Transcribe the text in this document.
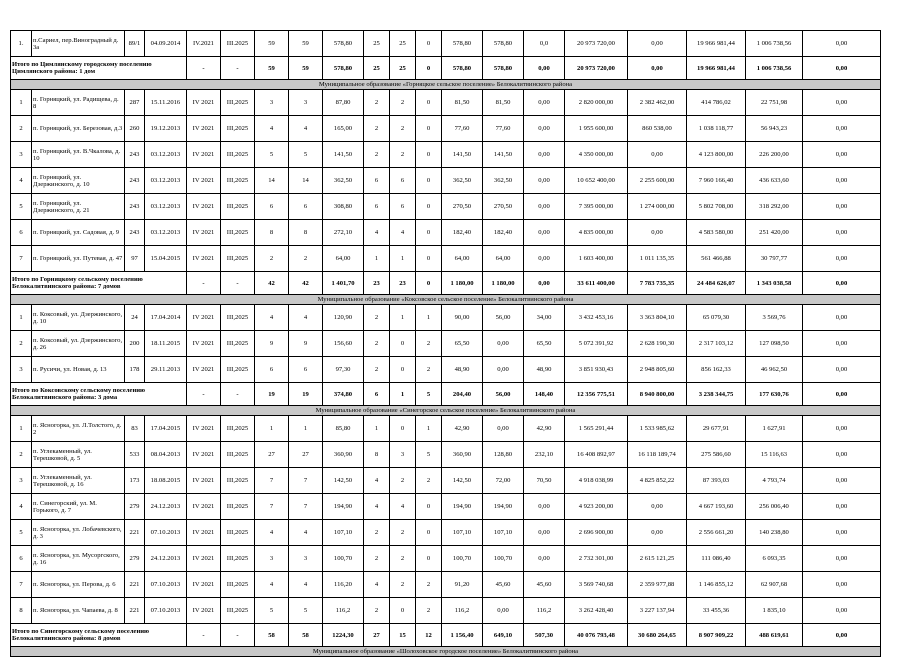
1.	п.Сариел, пер.Виноградный д. 3а	89/1	04.09.2014	IV.2021	III.2025	59	59	578,80	25	25	0	578,80	578,80	0,0	20 973 720,00	0,00	19 966 981,44	1 006 738,56	0,00
Итого по Цимлянскому городскому поселению Цимлянского района: 1 дом				-	-	59	59	578,80	25	25	0	578,80	578,80	0,00	20 973 720,00	0,00	19 966 981,44	1 006 738,56	0,00
Муниципальное образование «Горняцкое сельское поселение» Белокалитвинского района																			
1	п. Горняцкий, ул. Радищева, д. 8	287	15.11.2016	IV 2021	III,2025	3	3	87,80	2	2	0	81,50	81,50	0,00	2 820 000,00	2 382 462,00	414 786,02	22 751,98	0,00
2	п. Горняцкий, ул. Березовая, д.3	260	19.12.2013	IV 2021	III,2025	4	4	165,00	2	2	0	77,60	77,60	0,00	1 955 600,00	860 538,00	1 038 118,77	56 943,23	0,00
3	п. Горняцкий, ул. В.Чкалова, д. 10	243	03.12.2013	IV 2021	III,2025	5	5	141,50	2	2	0	141,50	141,50	0,00	4 350 000,00	0,00	4 123 800,00	226 200,00	0,00
4	п. Горняцкий, ул. Дзержинского, д. 10	243	03.12.2013	IV 2021	III,2025	14	14	362,50	6	6	0	362,50	362,50	0,00	10 652 400,00	2 255 600,00	7 960 166,40	436 633,60	0,00
5	п. Горняцкий, ул. Дзержинского, д. 21	243	03.12.2013	IV 2021	III,2025	6	6	308,80	6	6	0	270,50	270,50	0,00	7 395 000,00	1 274 000,00	5 802 708,00	318 292,00	0,00
6	п. Горняцкий, ул. Садовая, д. 9	243	03.12.2013	IV 2021	III,2025	8	8	272,10	4	4	0	182,40	182,40	0,00	4 835 000,00	0,00	4 583 580,00	251 420,00	0,00
7	п. Горняцкий, ул. Путевая, д. 47	97	15.04.2015	IV 2021	III,2025	2	2	64,00	1	1	0	64,00	64,00	0,00	1 603 400,00	1 011 135,35	561 466,88	30 797,77	0,00
Итого по Горняцкому сельскому поселению Белокалитвинского района: 7 домов				-	-	42	42	1 401,70	23	23	0	1 180,00	1 180,00	0,00	33 611 400,00	7 783 735,35	24 484 626,07	1 343 038,58	0,00
Муниципальное образование «Коксовское сельское поселение» Белокалитвинского района																			
1	п. Коксовый, ул. Дзержинского, д. 10	24	17.04.2014	IV 2021	III,2025	4	4	120,90	2	1	1	90,00	56,00	34,00	3 432 453,16	3 363 804,10	65 079,30	3 569,76	0,00
2	п. Коксовый, ул. Дзержинского, д. 26	200	18.11.2015	IV 2021	III,2025	9	9	156,60	2	0	2	65,50	0,00	65,50	5 072 391,92	2 628 190,30	2 317 103,12	127 098,50	0,00
3	п. Русичи, ул. Новая, д. 13	178	29.11.2013	IV 2021	III,2025	6	6	97,30	2	0	2	48,90	0,00	48,90	3 851 930,43	2 948 805,60	856 162,33	46 962,50	0,00
Итого по Коксовскому сельскому поселению Белокалитвинского района: 3 дома				-	-	19	19	374,80	6	1	5	204,40	56,00	148,40	12 356 775,51	8 940 800,00	3 238 344,75	177 630,76	0,00
Муниципальное образование «Синегорское сельское поселение» Белокалитвинского района																			
1	п. Ясногорка, ул. Л.Толстого, д. 2	83	17.04.2015	IV 2021	III,2025	1	1	85,80	1	0	1	42,90	0,00	42,90	1 565 291,44	1 533 985,62	29 677,91	1 627,91	0,00
2	п. Углекаменный, ул. Терешковой, д. 5	533	08.04.2013	IV 2021	III,2025	27	27	360,90	8	3	5	360,90	128,80	232,10	16 408 892,97	16 118 189,74	275 586,60	15 116,63	0,00
3	п. Углекаменный, ул. Терешковой, д. 16	173	18.08.2015	IV 2021	III,2025	7	7	142,50	4	2	2	142,50	72,00	70,50	4 918 038,99	4 825 852,22	87 393,03	4 793,74	0,00
4	п. Синегорский, ул. М. Горького, д. 7	279	24.12.2013	IV 2021	III,2025	7	7	194,90	4	4	0	194,90	194,90	0,00	4 923 200,00	0,00	4 667 193,60	256 006,40	0,00
5	п. Ясногорка, ул. Лобачевского, д. 3	221	07.10.2013	IV 2021	III,2025	4	4	107,10	2	2	0	107,10	107,10	0,00	2 696 900,00	0,00	2 556 661,20	140 238,80	0,00
6	п. Ясногорка, ул. Мусоргского, д. 16	279	24.12.2013	IV 2021	III,2025	3	3	100,70	2	2	0	100,70	100,70	0,00	2 732 301,00	2 615 121,25	111 086,40	6 093,35	0,00
7	п. Ясногорка, ул. Перова, д. 6	221	07.10.2013	IV 2021	III,2025	4	4	116,20	4	2	2	91,20	45,60	45,60	3 569 740,68	2 359 977,88	1 146 855,12	62 907,68	0,00
8	п. Ясногорка, ул. Чапаева, д. 8	221	07.10.2013	IV 2021	III,2025	5	5	116,2	2	0	2	116,2	0,00	116,2	3 262 428,40	3 227 137,94	33 455,36	1 835,10	0,00
Итого по Синегорскому сельскому поселению Белокалитвинского района: 8 домов				-	-	58	58	1224,30	27	15	12	1 156,40	649,10	507,30	40 076 793,48	30 680 264,65	8 907 909,22	488 619,61	0,00
Муниципальное образование «Шолоховское городское поселение» Белокалитвинского района																			
